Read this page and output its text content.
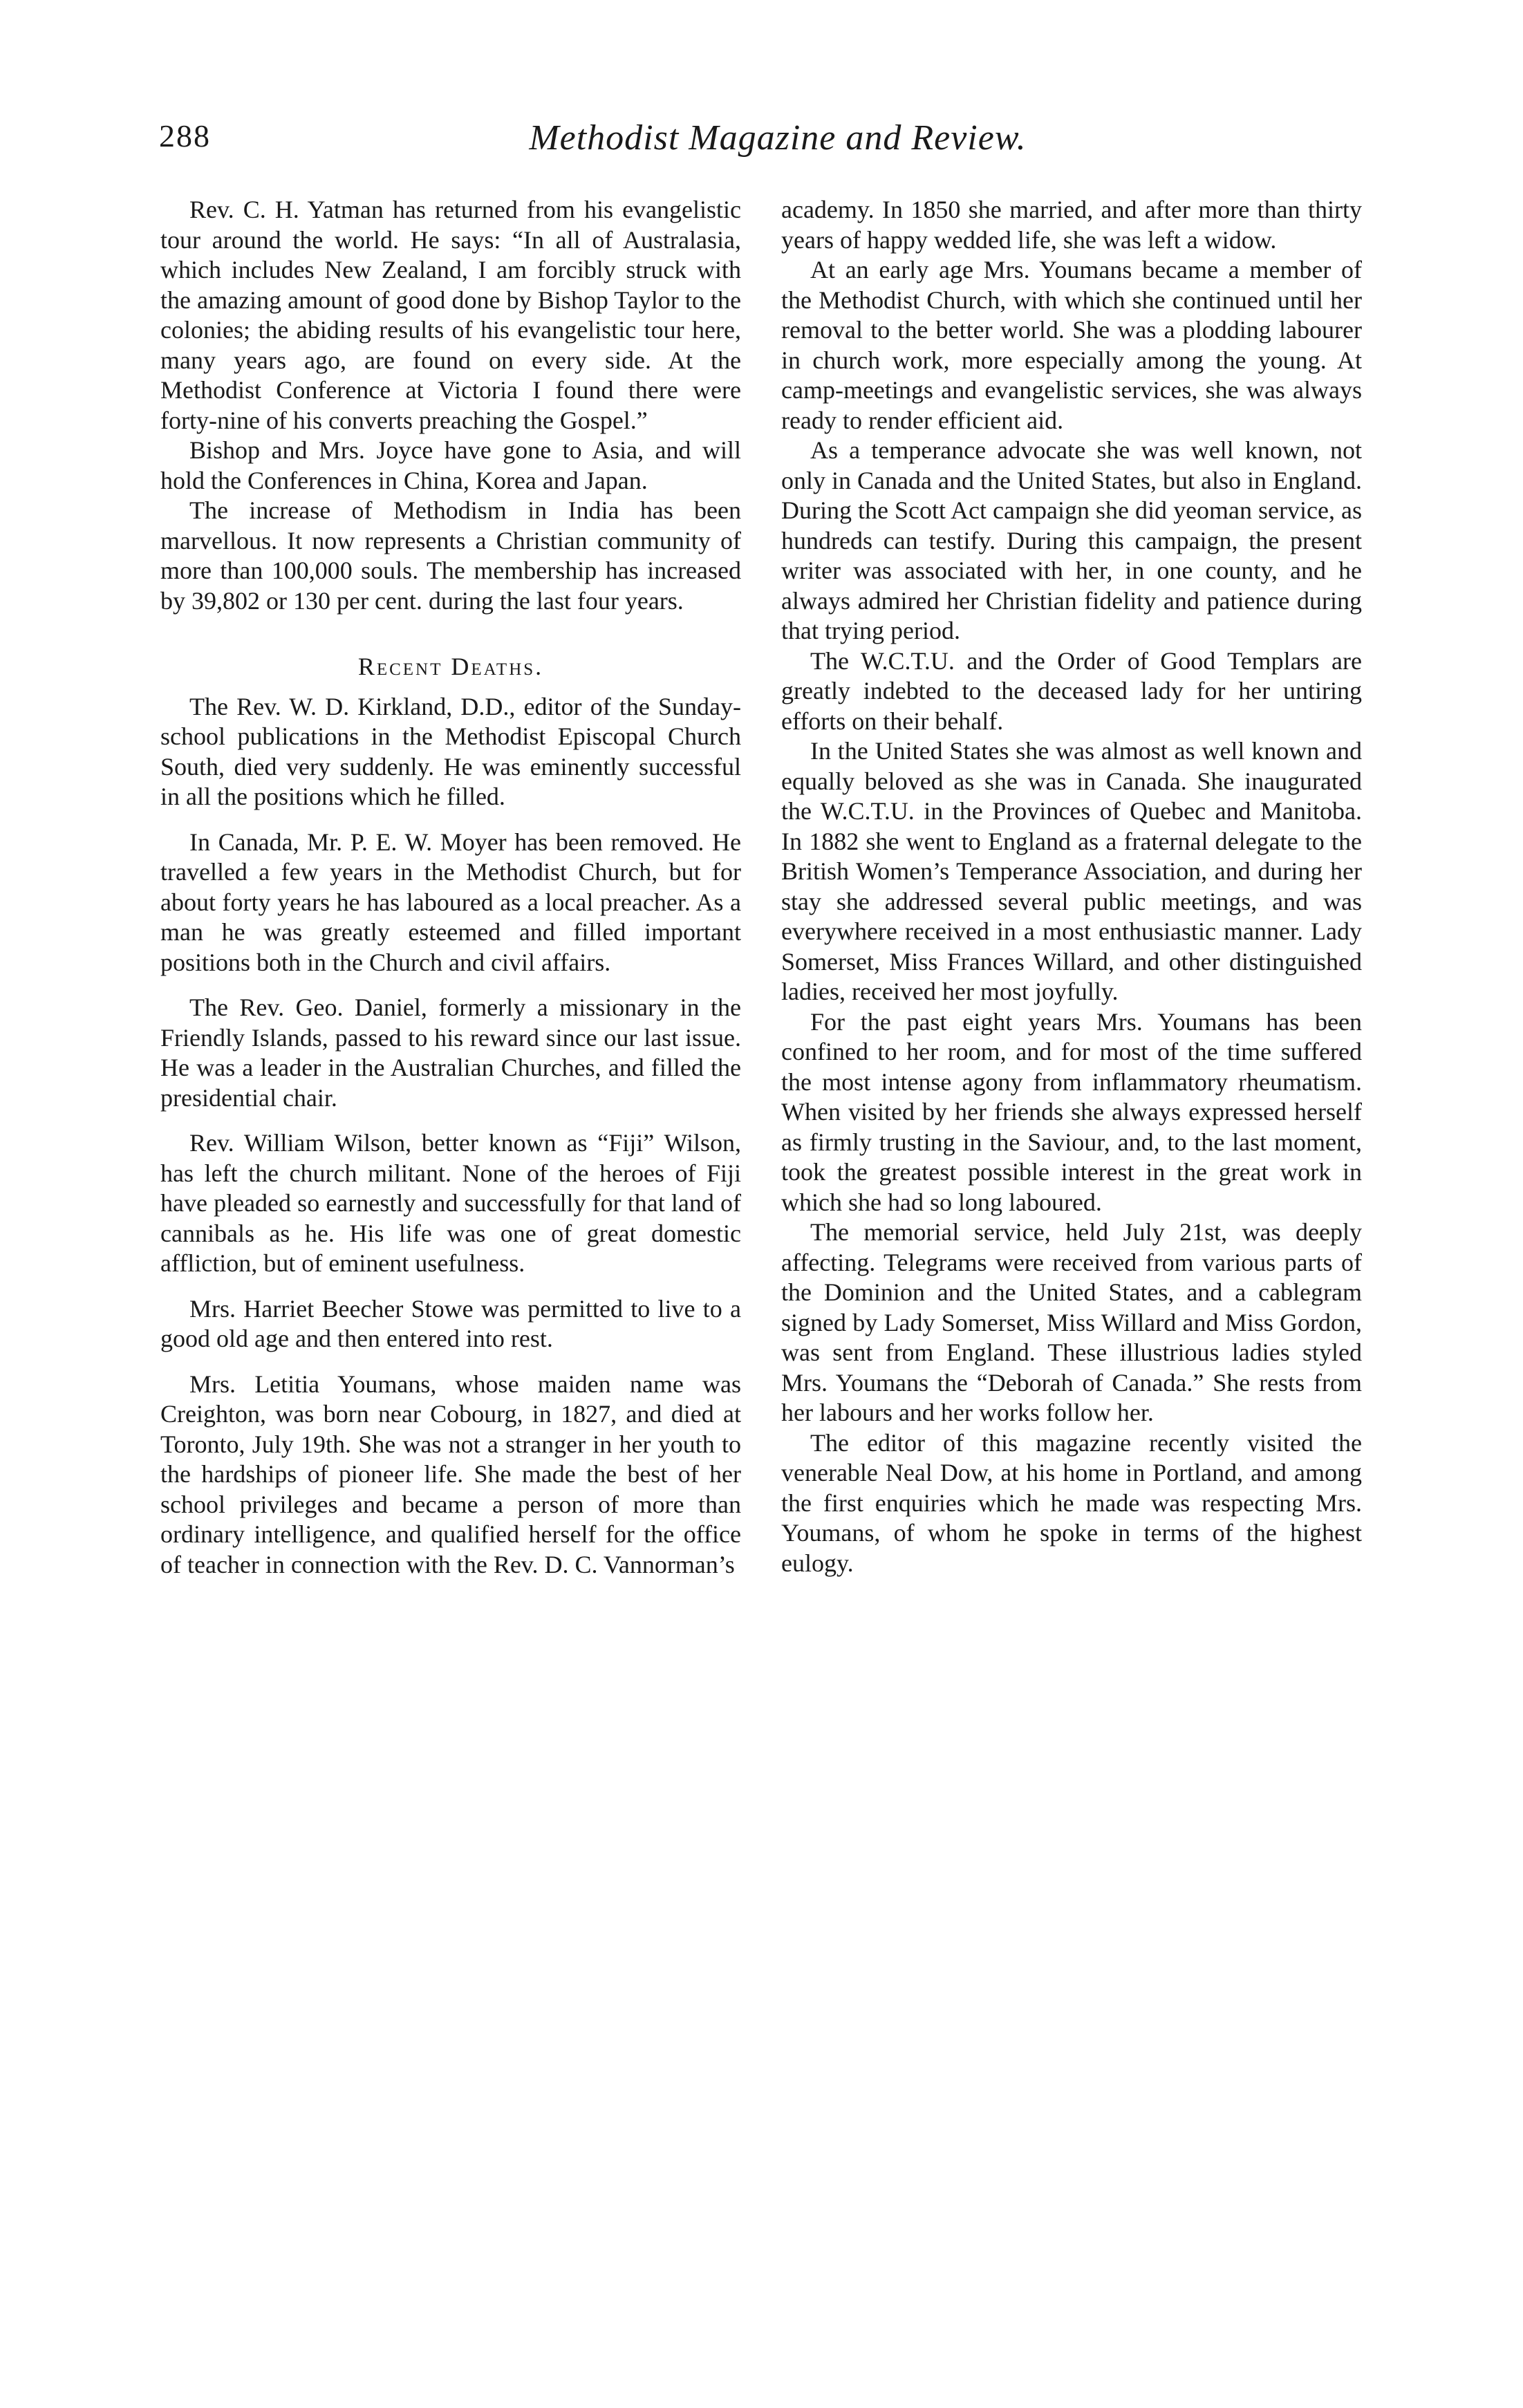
288	Methodist Magazine and Review.

Rev. C. H. Yatman has returned from his evangelistic tour around the world. He says: “In all of Australasia, which includes New Zealand, I am forcibly struck with the amazing amount of good done by Bishop Taylor to the colonies; the abiding results of his evangelistic tour here, many years ago, are found on every side. At the Methodist Conference at Victoria I found there were forty-nine of his converts preaching the Gospel.”

Bishop and Mrs. Joyce have gone to Asia, and will hold the Conferences in China, Korea and Japan.

The increase of Methodism in India has been marvellous. It now represents a Christian community of more than 100,000 souls. The membership has increased by 39,802 or 130 per cent. during the last four years.

Recent Deaths.

The Rev. W. D. Kirkland, D.D., editor of the Sunday-school publications in the Methodist Episcopal Church South, died very suddenly. He was eminently successful in all the positions which he filled.

In Canada, Mr. P. E. W. Moyer has been removed. He travelled a few years in the Methodist Church, but for about forty years he has laboured as a local preacher. As a man he was greatly esteemed and filled important positions both in the Church and civil affairs.

The Rev. Geo. Daniel, formerly a missionary in the Friendly Islands, passed to his reward since our last issue. He was a leader in the Australian Churches, and filled the presidential chair.

Rev. William Wilson, better known as “Fiji” Wilson, has left the church militant. None of the heroes of Fiji have pleaded so earnestly and successfully for that land of cannibals as he. His life was one of great domestic affliction, but of eminent usefulness.

Mrs. Harriet Beecher Stowe was permitted to live to a good old age and then entered into rest.

Mrs. Letitia Youmans, whose maiden name was Creighton, was born near Cobourg, in 1827, and died at Toronto, July 19th. She was not a stranger in her youth to the hardships of pioneer life. She made the best of her school privileges and became a person of more than ordinary intelligence, and qualified herself for the office of teacher in connection with the Rev. D. C. Vannorman’s

academy. In 1850 she married, and after more than thirty years of happy wedded life, she was left a widow.

At an early age Mrs. Youmans became a member of the Methodist Church, with which she continued until her removal to the better world. She was a plodding labourer in church work, more especially among the young. At camp-meetings and evangelistic services, she was always ready to render efficient aid.

As a temperance advocate she was well known, not only in Canada and the United States, but also in England. During the Scott Act campaign she did yeoman service, as hundreds can testify. During this campaign, the present writer was associated with her, in one county, and he always admired her Christian fidelity and patience during that trying period.

The W.C.T.U. and the Order of Good Templars are greatly indebted to the deceased lady for her untiring efforts on their behalf.

In the United States she was almost as well known and equally beloved as she was in Canada. She inaugurated the W.C.T.U. in the Provinces of Quebec and Manitoba. In 1882 she went to England as a fraternal delegate to the British Women’s Temperance Association, and during her stay she addressed several public meetings, and was everywhere received in a most enthusiastic manner. Lady Somerset, Miss Frances Willard, and other distinguished ladies, received her most joyfully.

For the past eight years Mrs. Youmans has been confined to her room, and for most of the time suffered the most intense agony from inflammatory rheumatism. When visited by her friends she always expressed herself as firmly trusting in the Saviour, and, to the last moment, took the greatest possible interest in the great work in which she had so long laboured.

The memorial service, held July 21st, was deeply affecting. Telegrams were received from various parts of the Dominion and the United States, and a cablegram signed by Lady Somerset, Miss Willard and Miss Gordon, was sent from England. These illustrious ladies styled Mrs. Youmans the “Deborah of Canada.” She rests from her labours and her works follow her.

The editor of this magazine recently visited the venerable Neal Dow, at his home in Portland, and among the first enquiries which he made was respecting Mrs. Youmans, of whom he spoke in terms of the highest eulogy.
